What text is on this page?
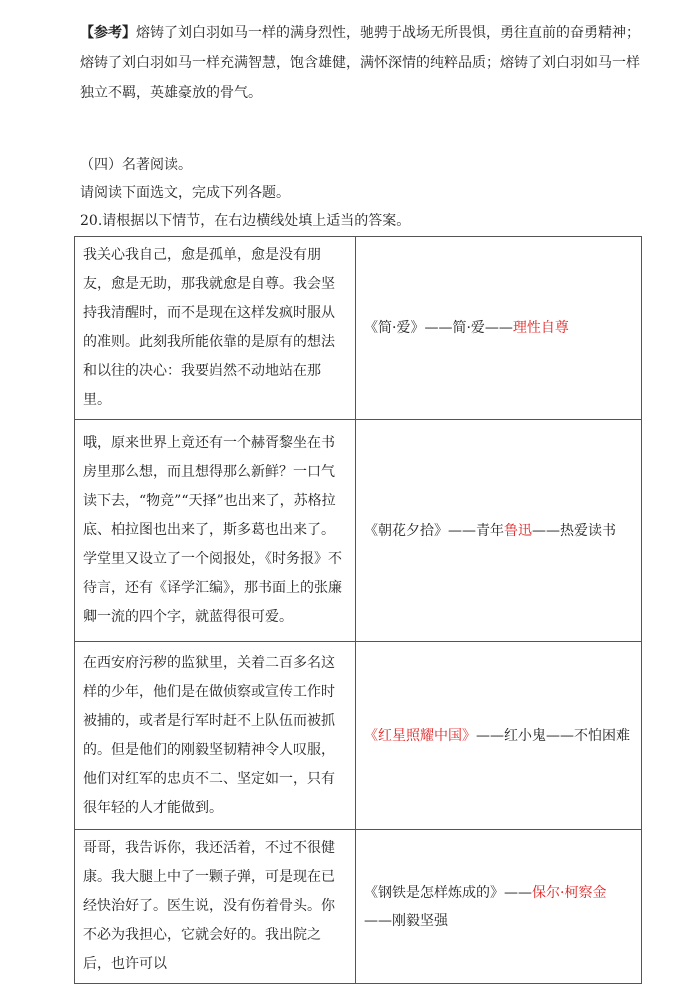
【参考】熔铸了刘白羽如马一样的满身烈性，驰骋于战场无所畏惧，勇往直前的奋勇精神；熔铸了刘白羽如马一样充满智慧，饱含雄健，满怀深情的纯粹品质；熔铸了刘白羽如马一样独立不羁，英雄豪放的骨气。

（四）名著阅读。

请阅读下面选文，完成下列各题。

20.请根据以下情节，在右边横线处填上适当的答案。

我关心我自己，愈是孤单，愈是没有朋友，愈是无助，那我就愈是自尊。我会坚持我清醒时，而不是现在这样发疯时服从的准则。此刻我所能依靠的是原有的想法和以往的决心：我要岿然不动地站在那里。	《简·爱》——简·爱——理性自尊
哦，原来世界上竟还有一个赫胥黎坐在书房里那么想，而且想得那么新鲜？一口气读下去，“物竞”“天择”也出来了，苏格拉底、柏拉图也出来了，斯多葛也出来了。学堂里又设立了一个阅报处，《时务报》不待言，还有《译学汇编》，那书面上的张廉卿一流的四个字，就蓝得很可爱。	《朝花夕拾》——青年鲁迅——热爱读书
在西安府污秽的监狱里，关着二百多名这样的少年，他们是在做侦察或宣传工作时被捕的，或者是行军时赶不上队伍而被抓的。但是他们的刚毅坚韧精神令人叹服，他们对红军的忠贞不二、坚定如一，只有很年轻的人才能做到。	《红星照耀中国》——红小鬼——不怕困难
哥哥，我告诉你，我还活着，不过不很健康。我大腿上中了一颗子弹，可是现在已经快治好了。医生说，没有伤着骨头。你不必为我担心，它就会好的。我出院之后，也许可以	《钢铁是怎样炼成的》——保尔·柯察金——刚毅坚强
